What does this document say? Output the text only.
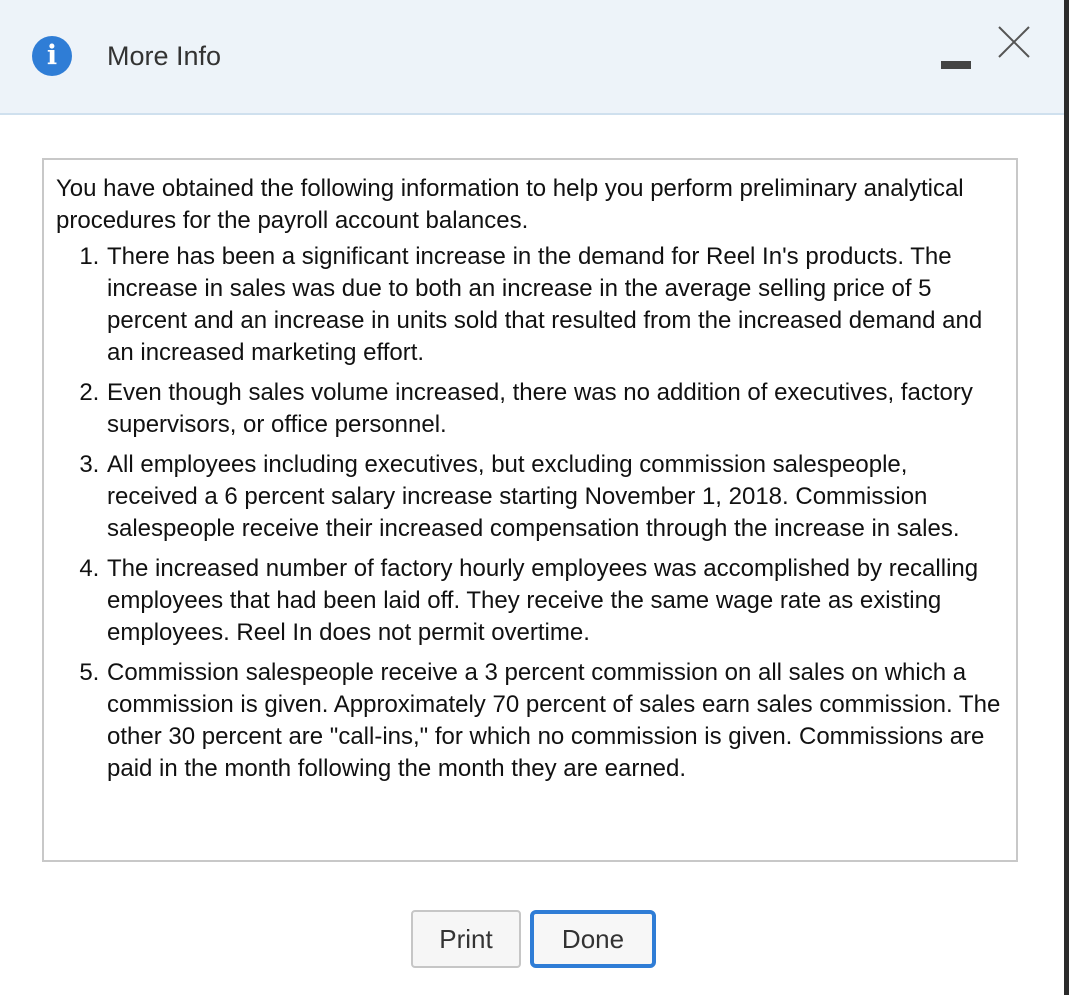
i	More Info

You have obtained the following information to help you perform preliminary analytical procedures for the payroll account balances.

1. There has been a significant increase in the demand for Reel In's products. The increase in sales was due to both an increase in the average selling price of 5 percent and an increase in units sold that resulted from the increased demand and an increased marketing effort.
2. Even though sales volume increased, there was no addition of executives, factory supervisors, or office personnel.
3. All employees including executives, but excluding commission salespeople, received a 6 percent salary increase starting November 1, 2018. Commission salespeople receive their increased compensation through the increase in sales.
4. The increased number of factory hourly employees was accomplished by recalling employees that had been laid off. They receive the same wage rate as existing employees. Reel In does not permit overtime.
5. Commission salespeople receive a 3 percent commission on all sales on which a commission is given. Approximately 70 percent of sales earn sales commission. The other 30 percent are "call-ins," for which no commission is given. Commissions are paid in the month following the month they are earned.
Print	Done
